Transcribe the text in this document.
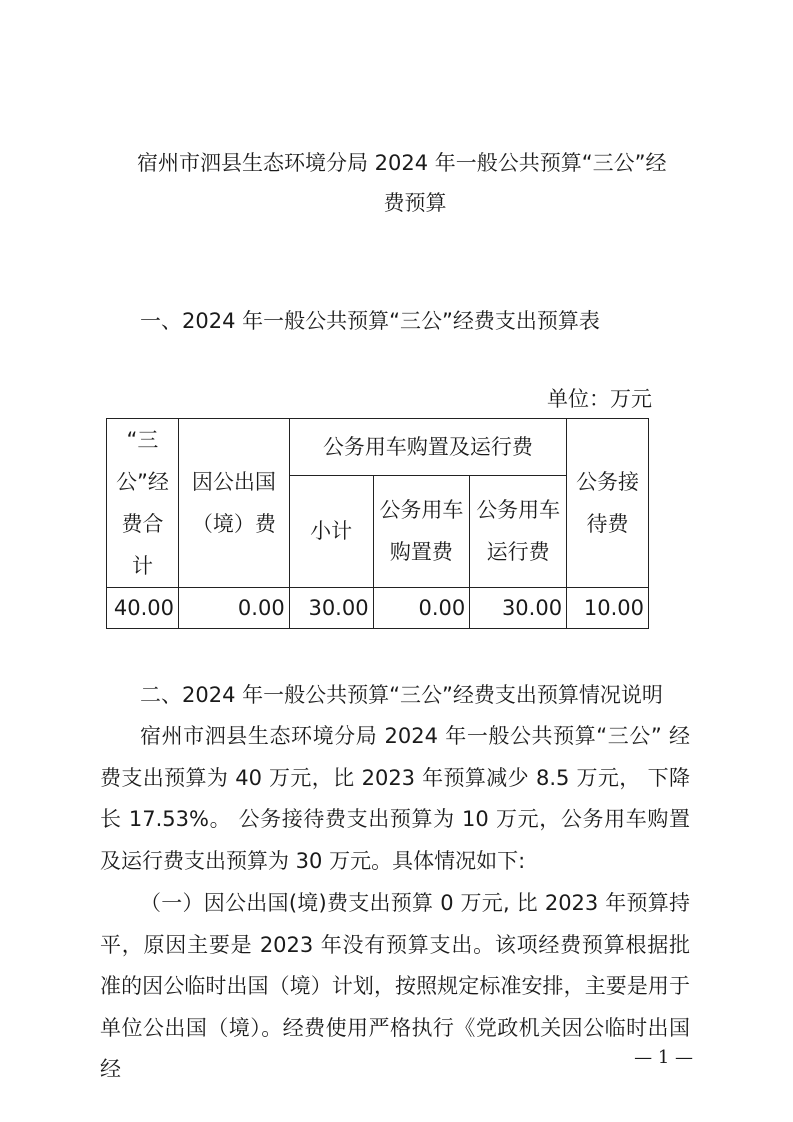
宿州市泗县生态环境分局 2024 年一般公共预算“三公”经
费预算
一、2024 年一般公共预算“三公”经费支出预算表
单位：万元
“三公”经费合计	因公出国（境）费	公务用车购置及运行费			公务接待费
		小计	公务用车购置费	公务用车运行费	
40.00	0.00	30.00	0.00	30.00	10.00
二、2024 年一般公共预算“三公”经费支出预算情况说明
宿州市泗县生态环境分局 2024 年一般公共预算“三公” 经费支出预算为 40 万元，比 2023 年预算减少 8.5 万元， 下降长 17.53%。 公务接待费支出预算为 10 万元，公务用车购置及运行费支出预算为 30 万元。具体情况如下:
（一）因公出国(境)费支出预算 0 万元, 比 2023 年预算持平，原因主要是 2023 年没有预算支出。该项经费预算根据批准的因公临时出国（境）计划，按照规定标准安排，主要是用于单位公出国（境）。经费使用严格执行《党政机关因公临时出国经	— 1 —
